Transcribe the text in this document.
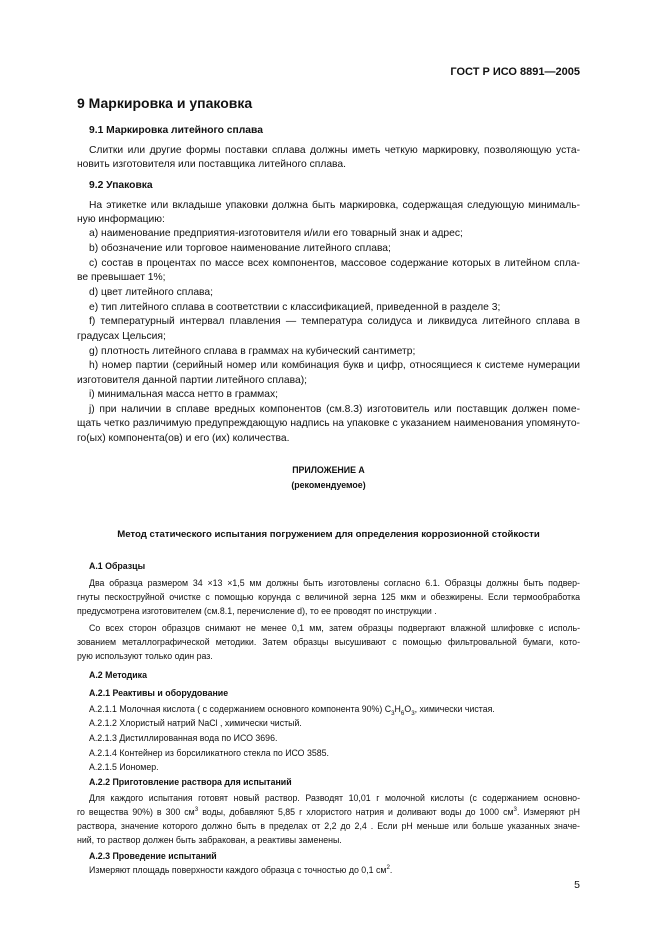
ГОСТ Р ИСО 8891—2005
9 Маркировка и упаковка
9.1 Маркировка литейного сплава
Слитки или другие формы поставки сплава должны иметь четкую маркировку, позволяющую уста-
новить изготовителя или поставщика литейного сплава.
9.2 Упаковка
На этикетке или вкладыше упаковки должна быть маркировка, содержащая следующую минималь-
ную информацию:
а) наименование предприятия-изготовителя и/или его товарный знак и адрес;
b) обозначение или торговое наименование литейного сплава;
c) состав в процентах по массе всех компонентов, массовое содержание которых в литейном спла-
ве превышает 1%;
d) цвет литейного сплава;
e) тип литейного сплава в соответствии с классификацией, приведенной в разделе 3;
f) температурный интервал плавления — температура солидуса и ликвидуса литейного сплава в
градусах Цельсия;
g) плотность литейного сплава в граммах на кубический сантиметр;
h) номер партии (серийный номер или комбинация букв и цифр, относящиеся к системе нумерации
изготовителя данной партии литейного сплава);
i) минимальная масса нетто в граммах;
j) при наличии в сплаве вредных компонентов (см.8.3) изготовитель или поставщик должен поме-
щать четко различимую предупреждающую надпись на упаковке с указанием наименования упомянуто-
го(ых) компонента(ов) и его (их) количества.
ПРИЛОЖЕНИЕ А
(рекомендуемое)
Метод статического испытания погружением для определения коррозионной стойкости
А.1 Образцы
Два образца размером 34 ×13 ×1,5 мм должны быть изготовлены согласно 6.1. Образцы должны быть подвер-
гнуты пескоструйной очистке с помощью корунда с величиной зерна 125 мкм и обезжирены. Если термообработка
предусмотрена изготовителем (см.8.1, перечисление d), то ее проводят по инструкции .
Со всех сторон образцов снимают не менее 0,1 мм, затем образцы подвергают влажной шлифовке с исполь-
зованием металлографической методики. Затем образцы высушивают с помощью фильтровальной бумаги, кото-
рую используют только один раз.
А.2 Методика
А.2.1 Реактивы и оборудование
А.2.1.1 Молочная кислота ( с содержанием основного компонента 90%) $C_3H_6O_3$, химически чистая.
А.2.1.2 Хлористый натрий NaCl , химически чистый.
А.2.1.3 Дистиллированная вода по ИСО 3696.
А.2.1.4 Контейнер из борсиликатного стекла по ИСО 3585.
А.2.1.5 Иономер.
А.2.2 Приготовление раствора для испытаний
Для каждого испытания готовят новый раствор. Разводят 10,01 г молочной кислоты (с содержанием основно-
го вещества 90%) в 300 $см^3$ воды, добавляют 5,85 г хлористого натрия и доливают воды до 1000 $см^3$. Измеряют pH
раствора, значение которого должно быть в пределах от 2,2 до 2,4 . Если pH меньше или больше указанных значе-
ний, то раствор должен быть забракован, а реактивы заменены.
А.2.3 Проведение испытаний
Измеряют площадь поверхности каждого образца с точностью до 0,1 $см^2$.
5
